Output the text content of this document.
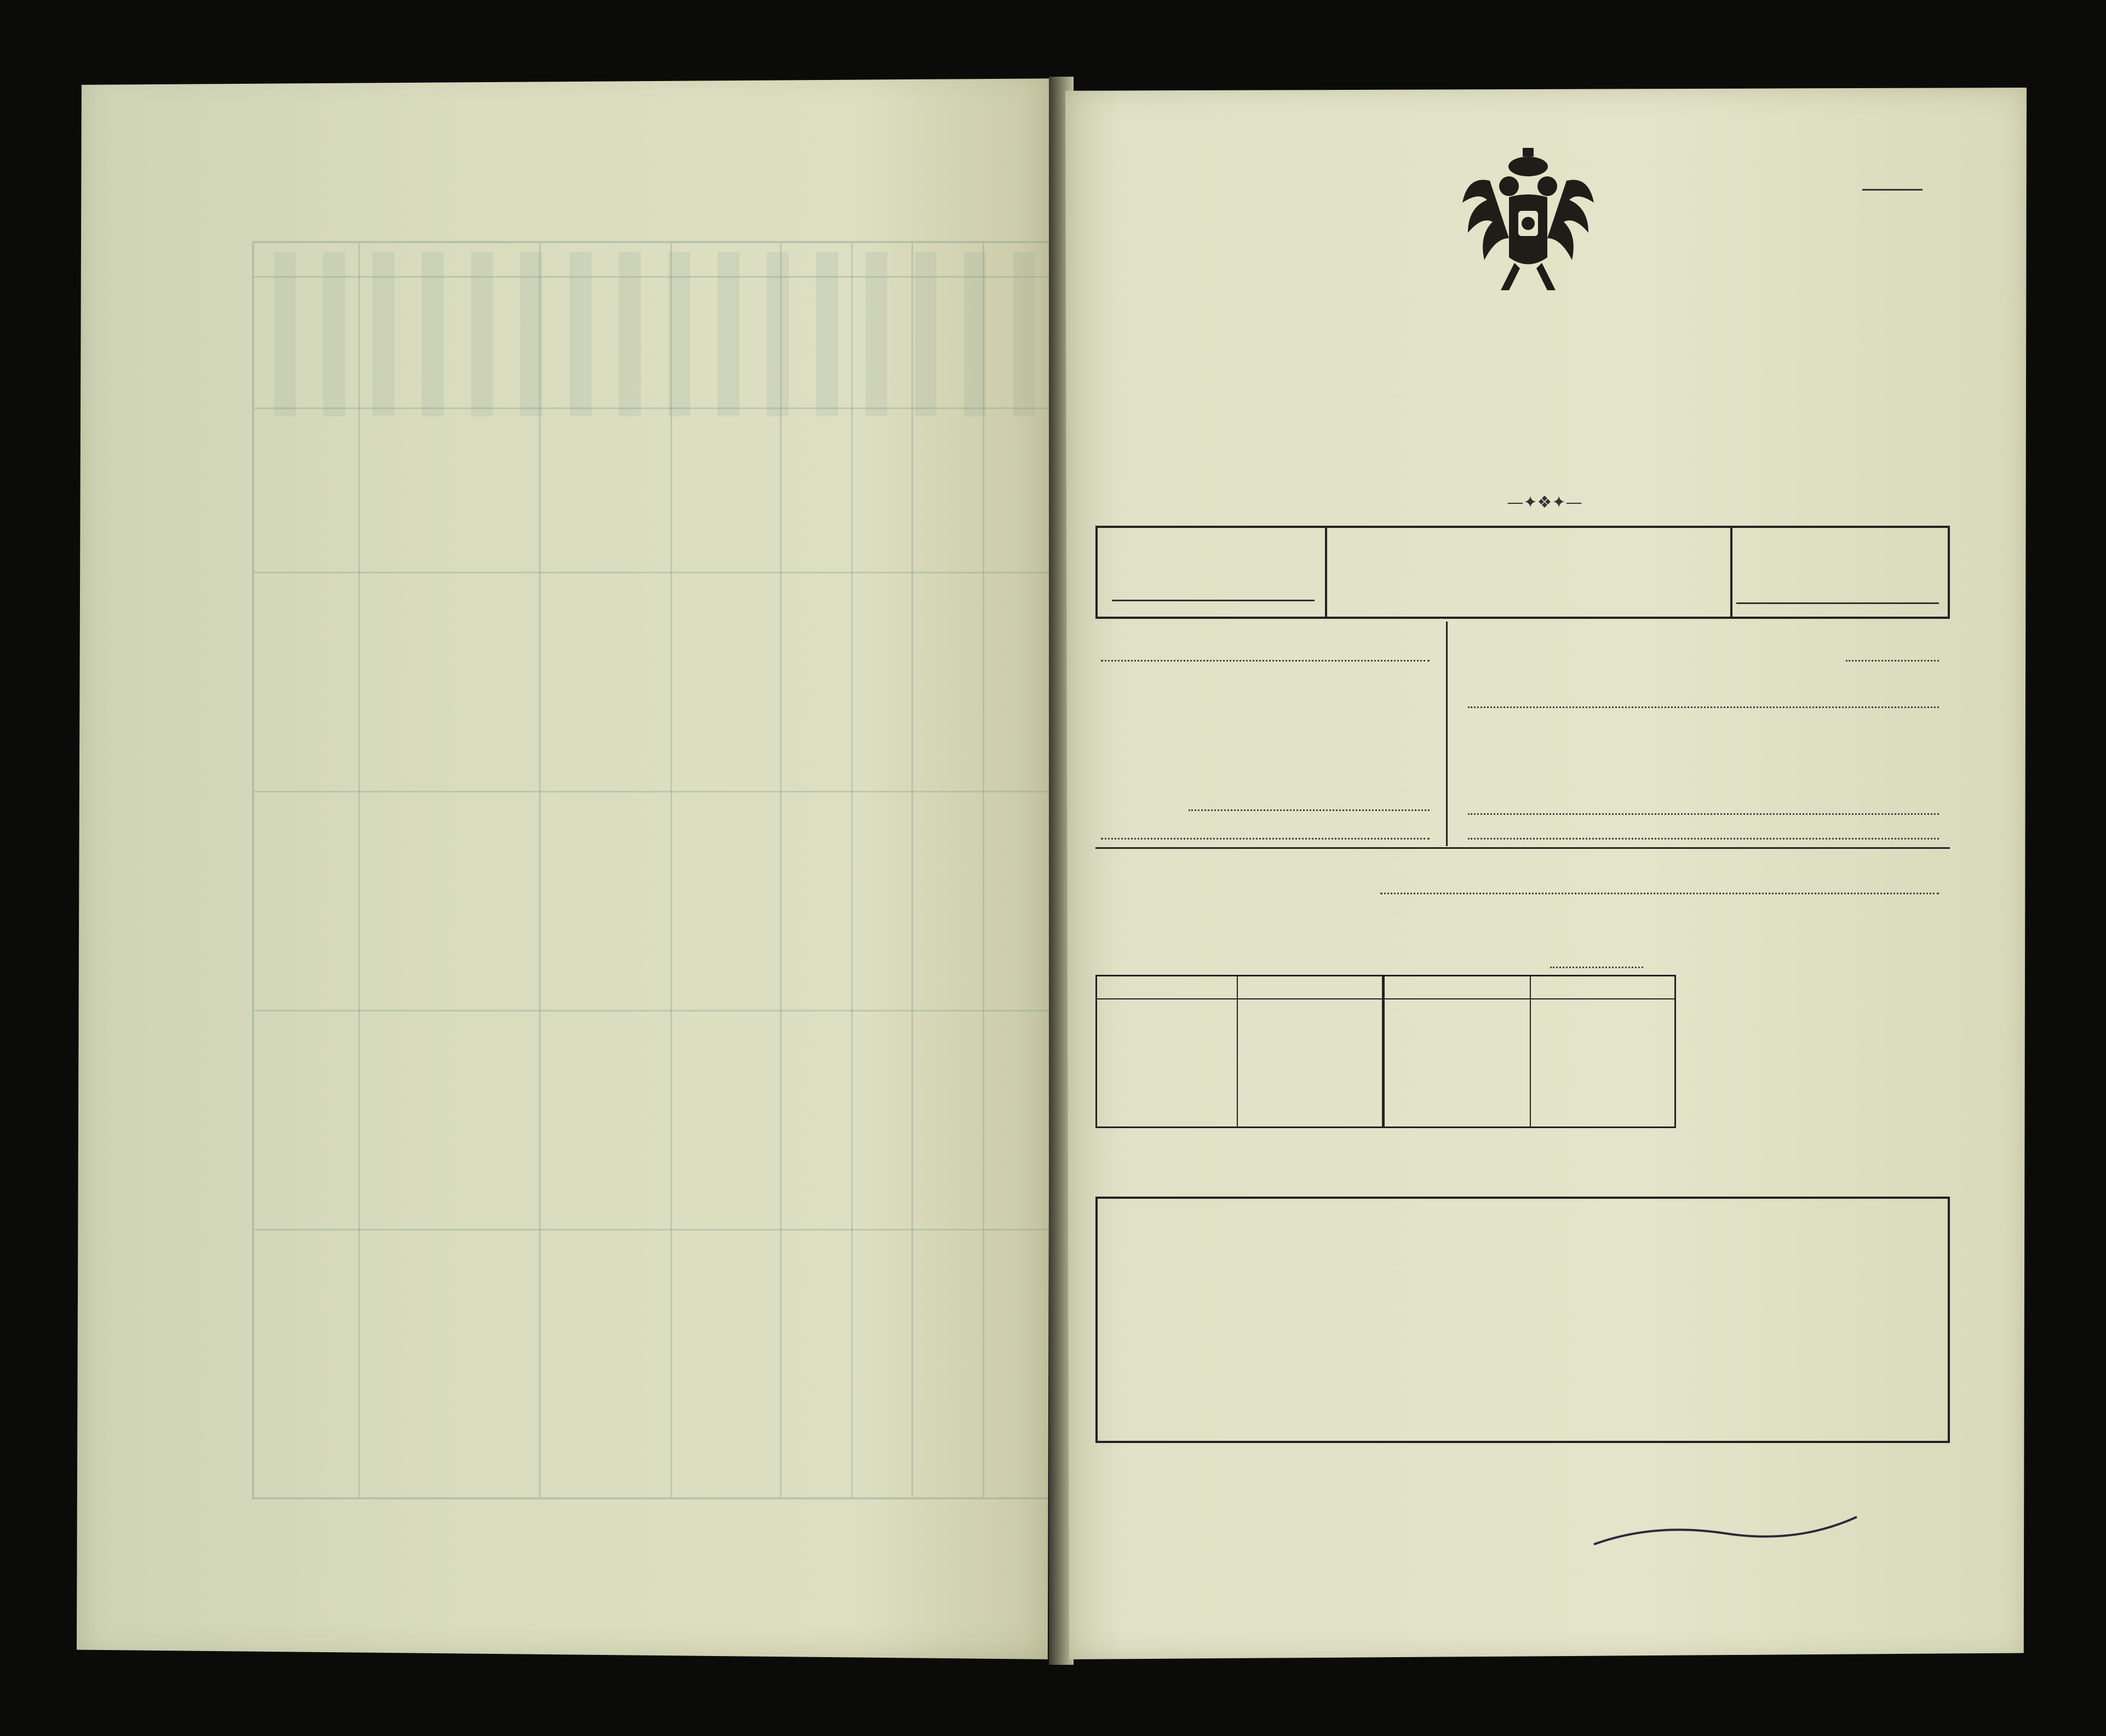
—✦❖✦—
